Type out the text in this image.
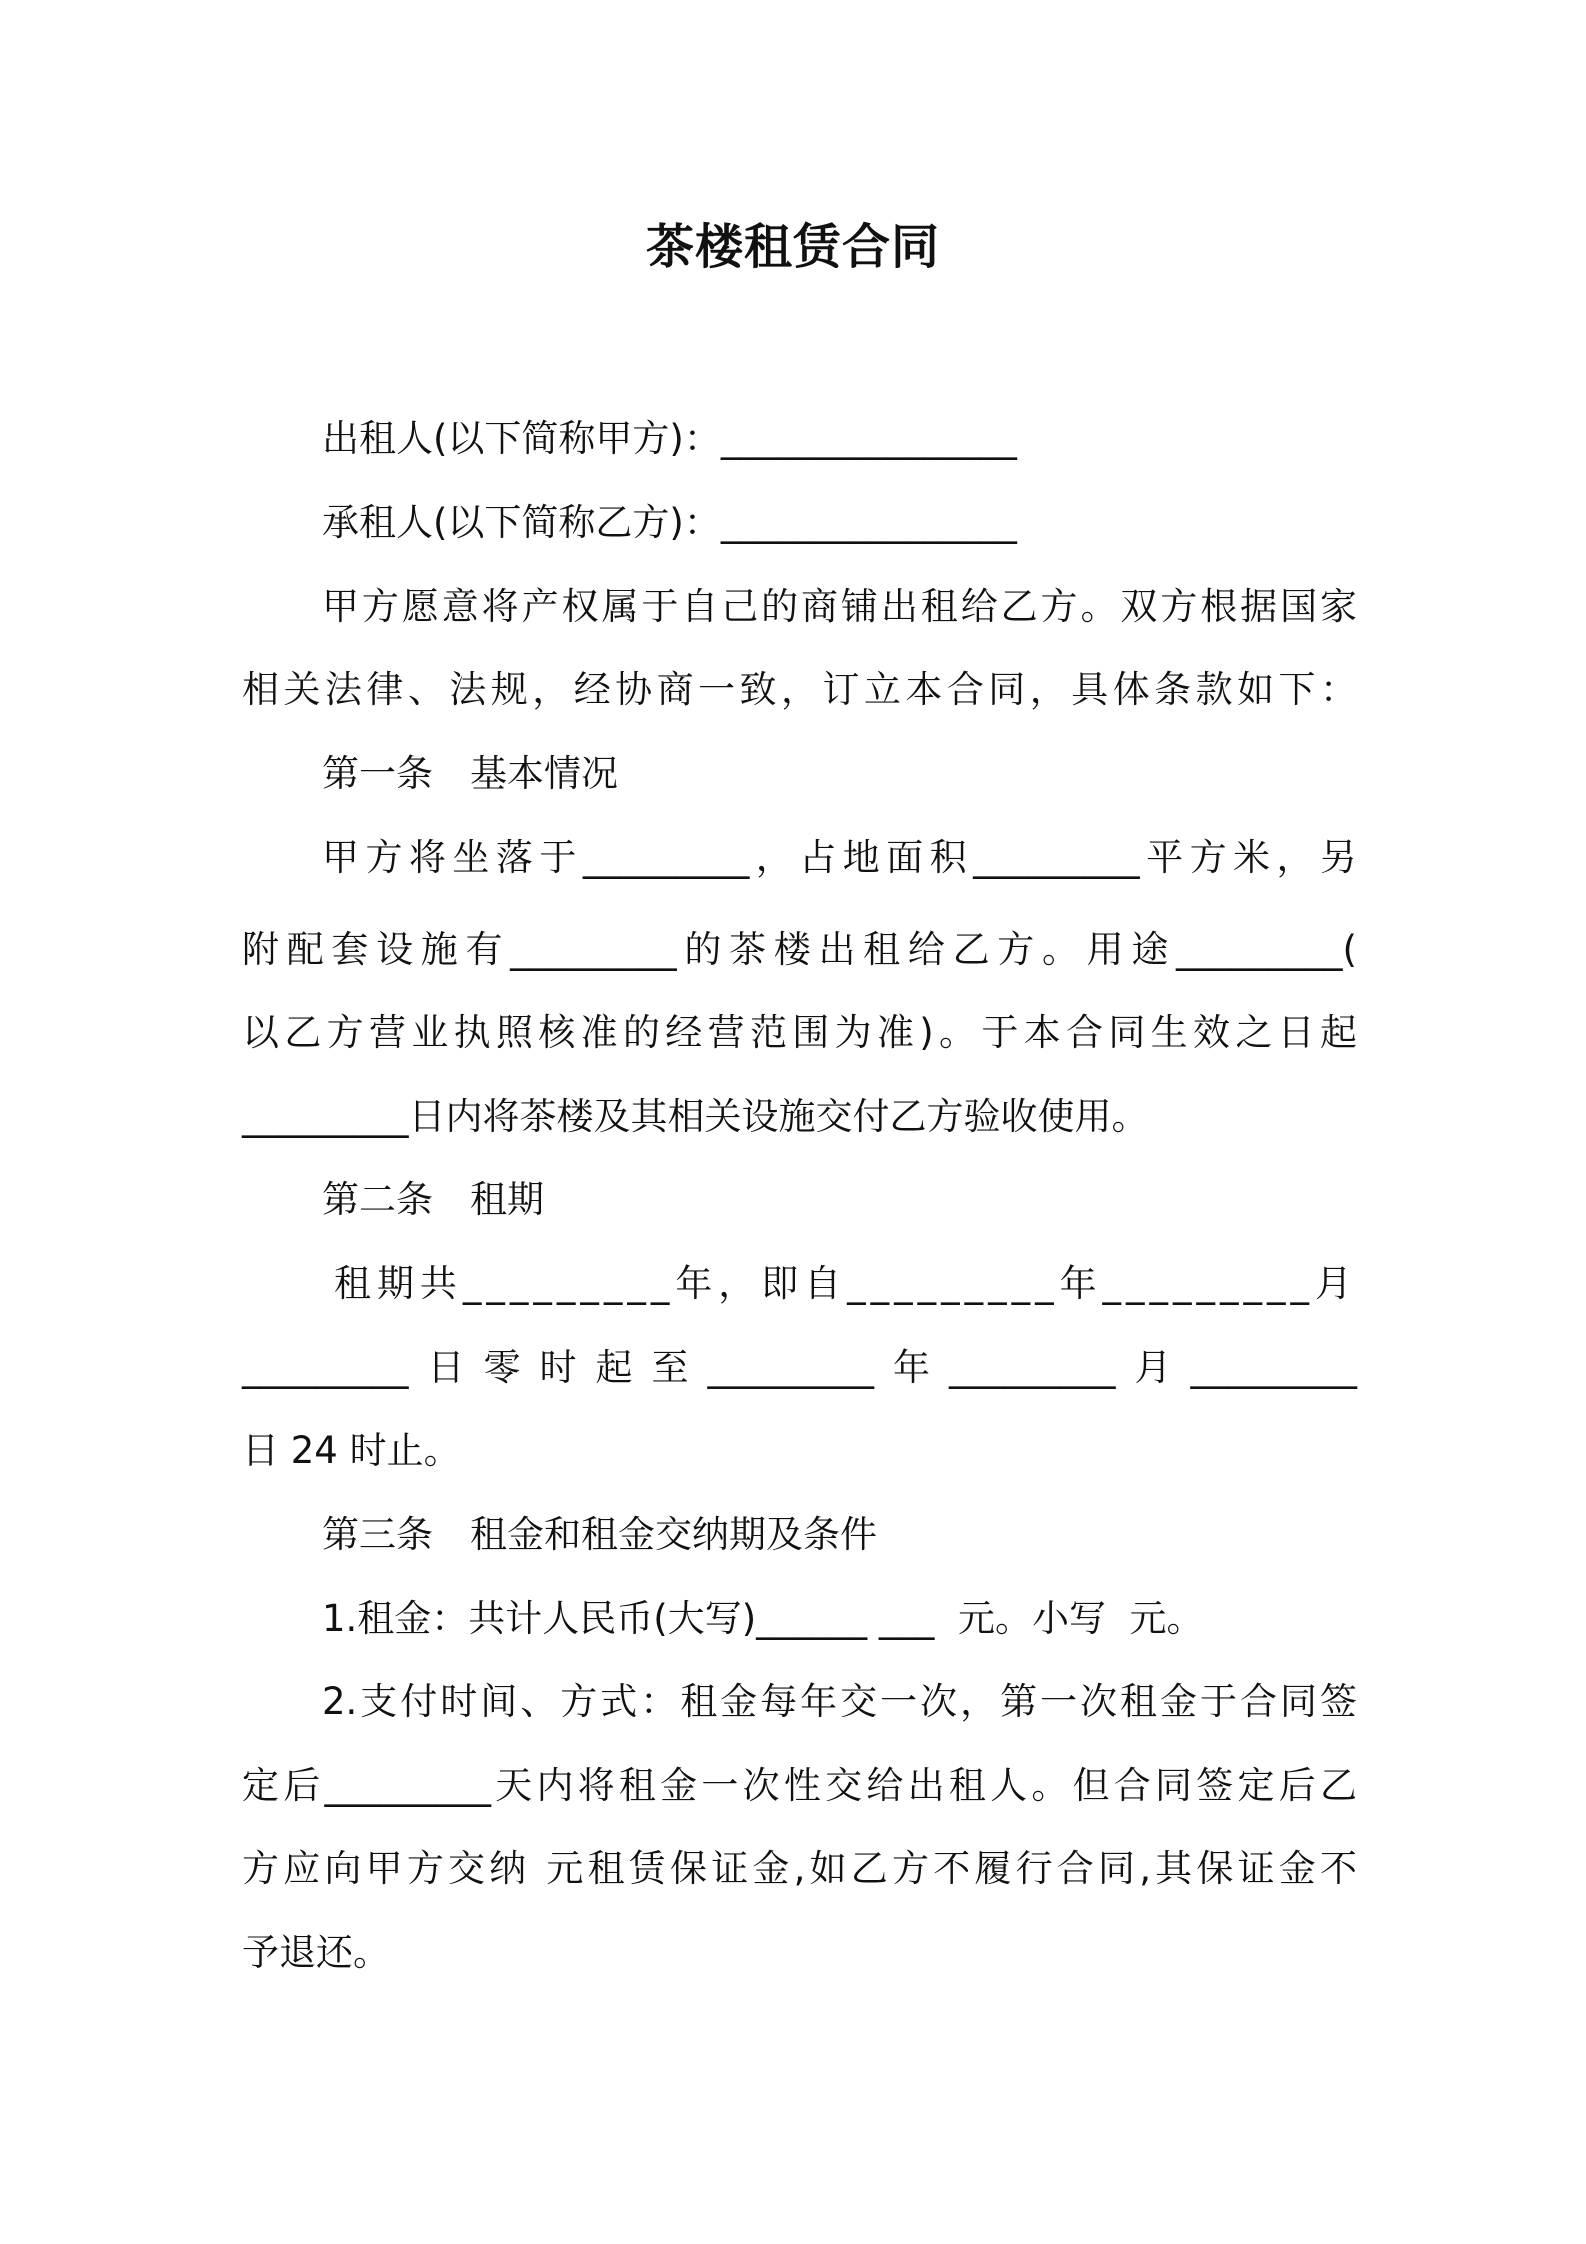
茶楼租赁合同

出租人(以下简称甲方)：________________

承租人(以下简称乙方)：________________

甲方愿意将产权属于自己的商铺出租给乙方。双方根据国家

相关法律、法规，经协商一致，订立本合同，具体条款如下：

第一条　基本情况

甲方将坐落于_________，占地面积_________平方米，另

附配套设施有_________的茶楼出租给乙方。用途_________(

以乙方营业执照核准的经营范围为准)。于本合同生效之日起

_________日内将茶楼及其相关设施交付乙方验收使用。

第二条　租期

租期共_________年，即自_________年_________月

_________日零时起至_________年_________月_________

日 24 时止。

第三条　租金和租金交纳期及条件

1.租金：共计人民币(大写)______ ___  元。小写  元。

2.支付时间、方式：租金每年交一次，第一次租金于合同签

定后_________天内将租金一次性交给出租人。但合同签定后乙

方应向甲方交纳 元租赁保证金,如乙方不履行合同,其保证金不

予退还。
